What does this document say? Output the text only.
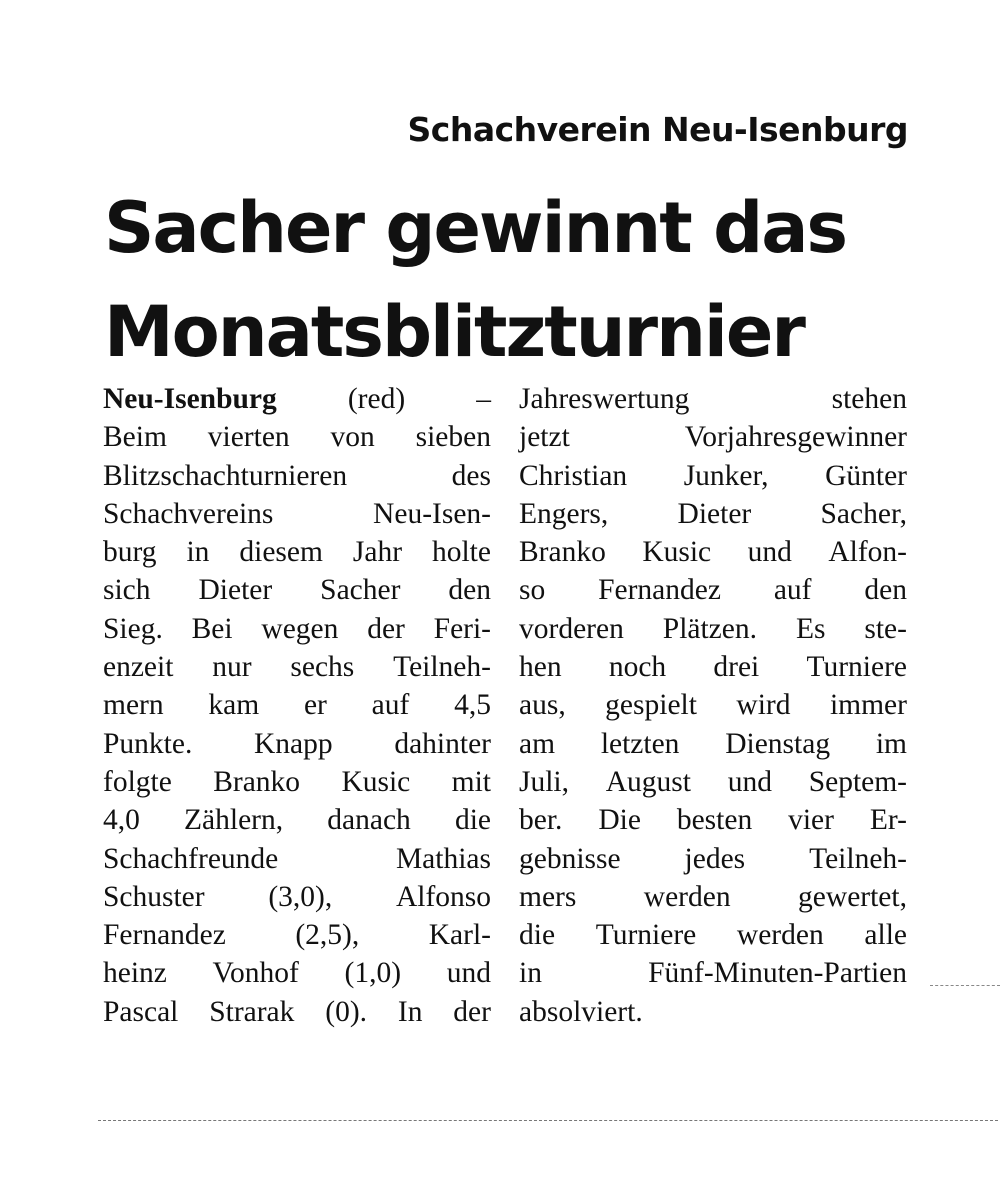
Schachverein Neu-Isenburg
Sacher gewinnt das
Monatsblitzturnier
Neu-Isenburg (red) –
Beim vierten von sieben
Blitzschachturnieren	des
Schachvereins	Neu-Isen-
burg in diesem Jahr holte
sich Dieter Sacher den
Sieg. Bei wegen der Feri-
enzeit nur sechs Teilneh-
mern kam er auf 4,5
Punkte. Knapp dahinter
folgte Branko Kusic mit
4,0 Zählern, danach die
Schachfreunde	Mathias
Schuster (3,0), Alfonso
Fernandez (2,5), Karl-
heinz Vonhof (1,0) und
Pascal Strarak (0). In der
Jahreswertung	stehen
jetzt	Vorjahresgewinner
Christian Junker, Günter
Engers, Dieter Sacher,
Branko Kusic und Alfon-
so Fernandez auf den
vorderen Plätzen. Es ste-
hen noch drei Turniere
aus, gespielt wird immer
am letzten Dienstag im
Juli, August und Septem-
ber. Die besten vier Er-
gebnisse jedes Teilneh-
mers werden gewertet,
die Turniere werden alle
in	Fünf-Minuten-Partien
absolviert.
